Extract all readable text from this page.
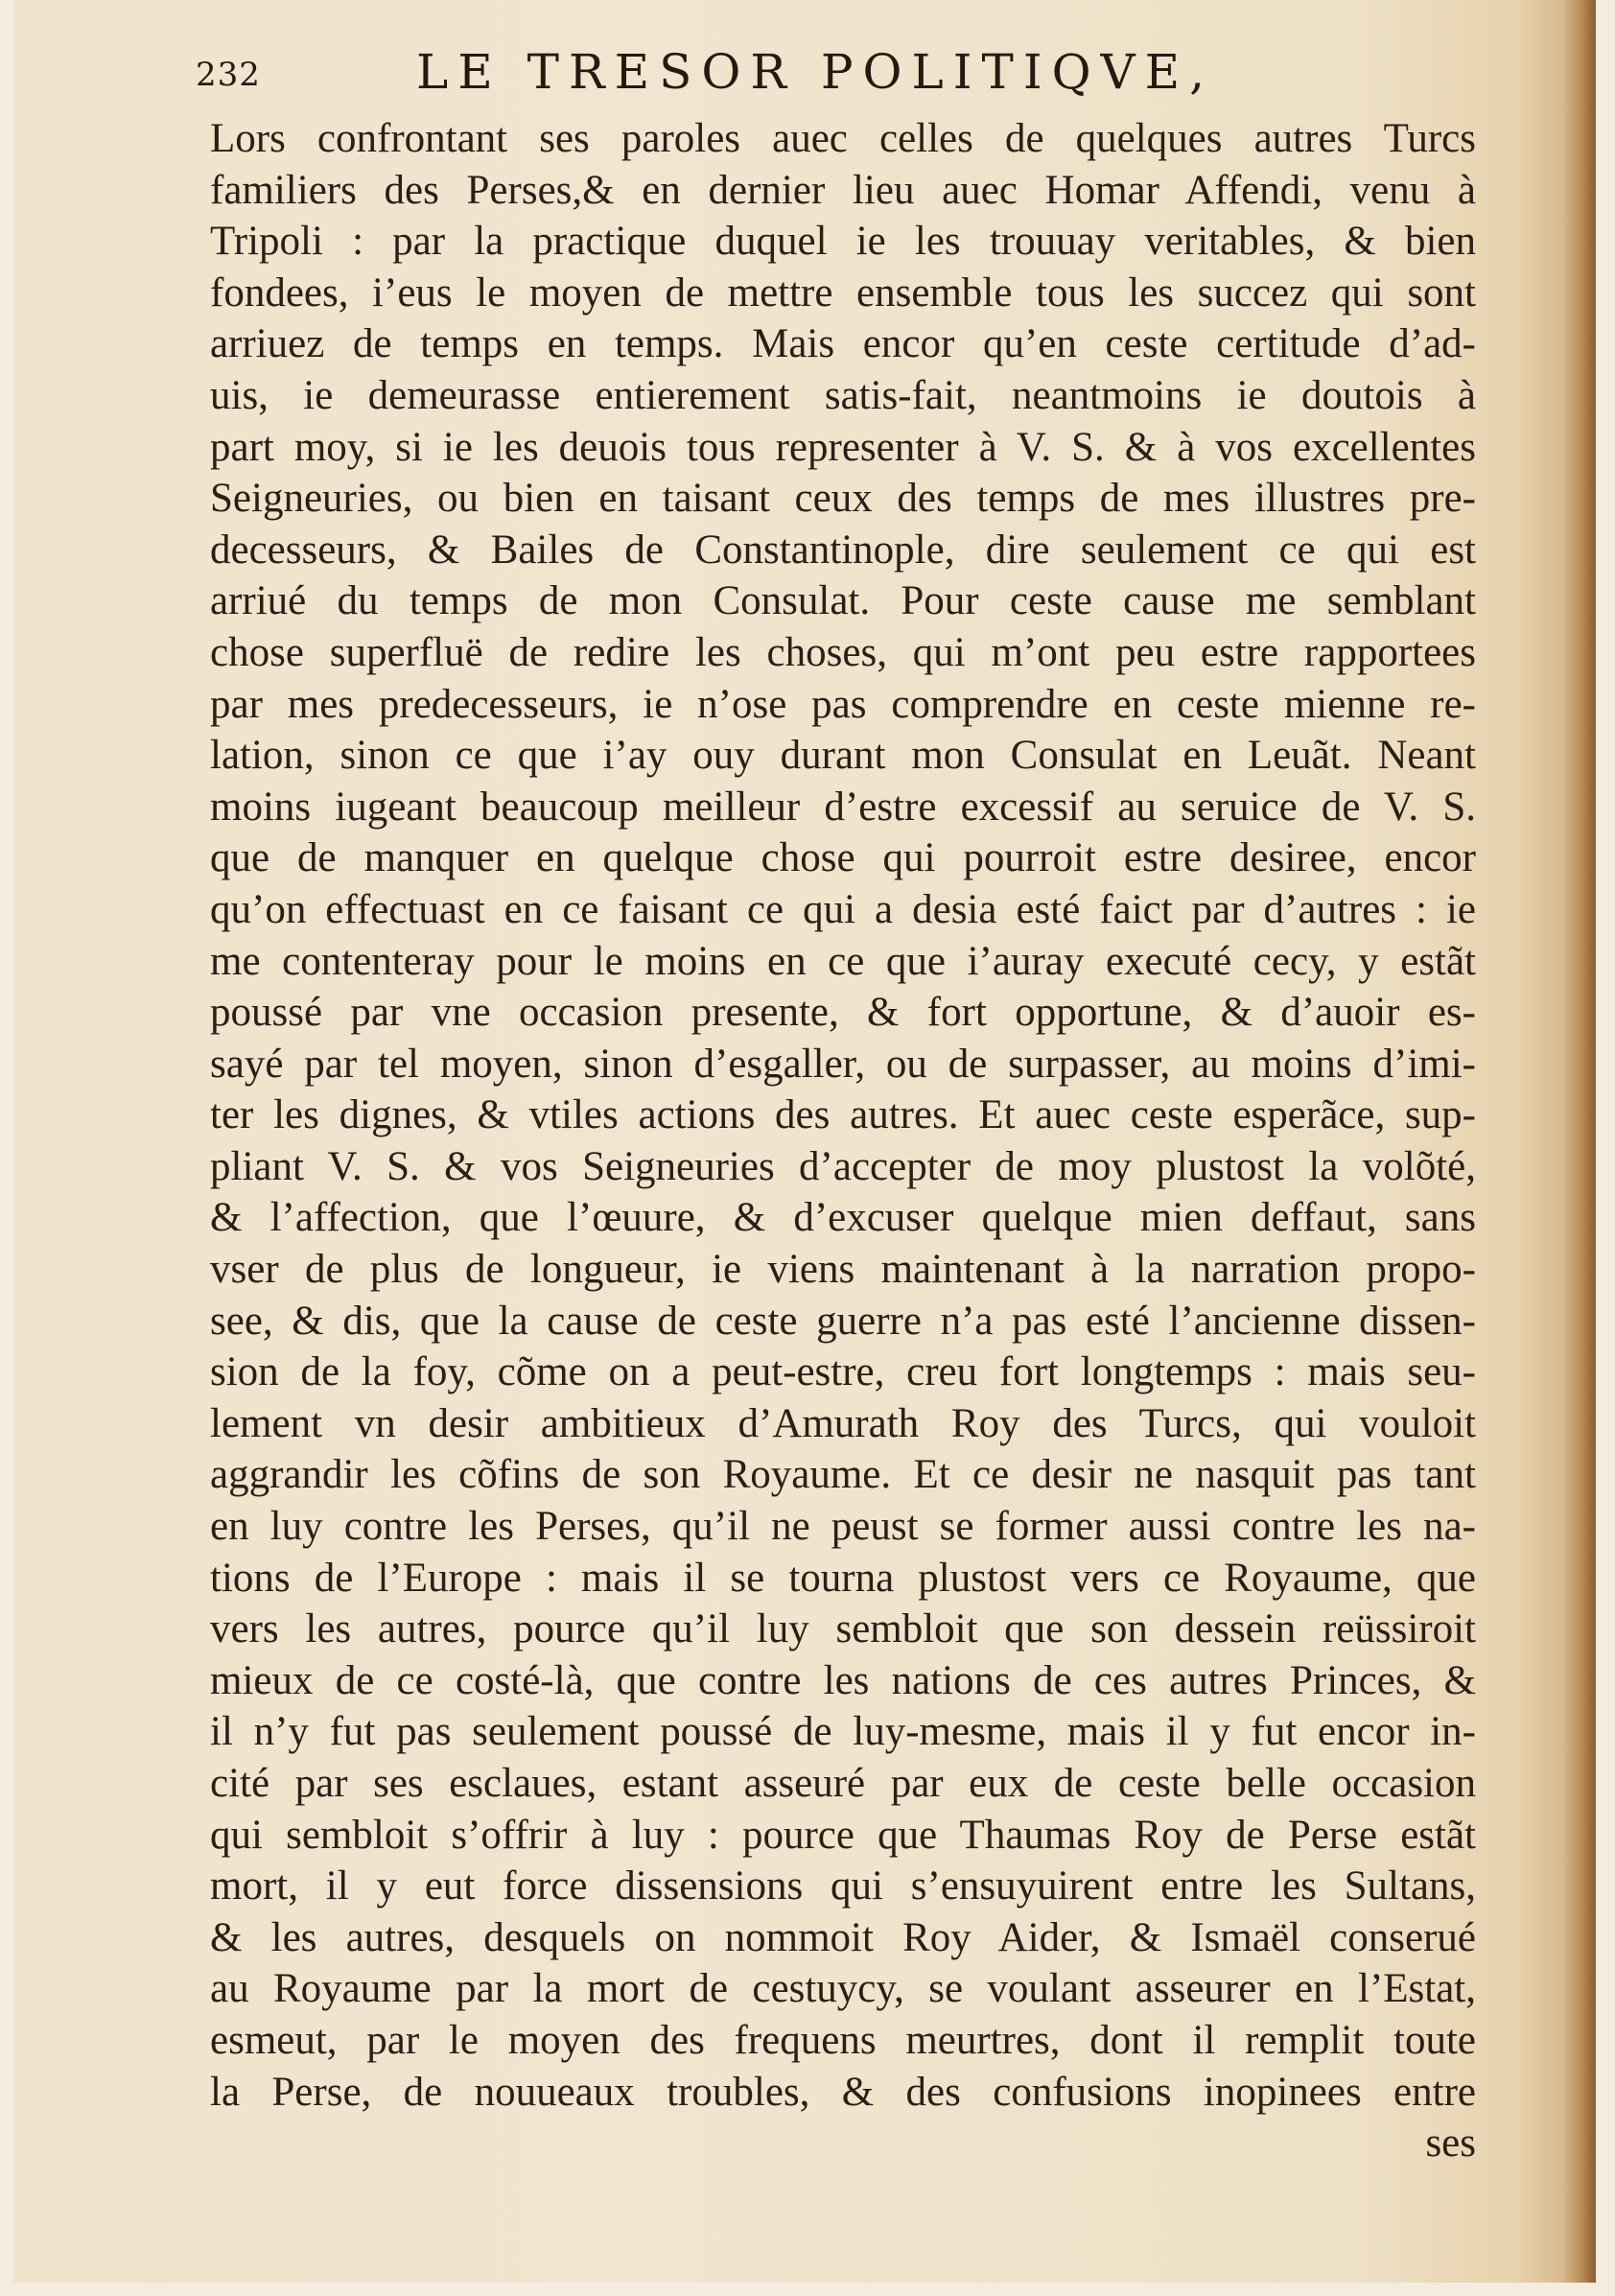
232	LE TRESOR POLITIQVE,
Lors confrontant ses paroles auec celles de quelques autres Turcs
familiers des Perses,& en dernier lieu auec Homar Affendi, venu à
Tripoli : par la practique duquel ie les trouuay veritables, & bien
fondees, i’eus le moyen de mettre ensemble tous les succez qui sont
arriuez de temps en temps. Mais encor qu’en ceste certitude d’ad-
uis, ie demeurasse entierement satis-fait, neantmoins ie doutois à
part moy, si ie les deuois tous representer à V. S. & à vos excellentes
Seigneuries, ou bien en taisant ceux des temps de mes illustres pre-
decesseurs, & Bailes de Constantinople, dire seulement ce qui est
arriué du temps de mon Consulat. Pour ceste cause me semblant
chose superfluë de redire les choses, qui m’ont peu estre rapportees
par mes predecesseurs, ie n’ose pas comprendre en ceste mienne re-
lation, sinon ce que i’ay ouy durant mon Consulat en Leuãt. Neant
moins iugeant beaucoup meilleur d’estre excessif au seruice de V. S.
que de manquer en quelque chose qui pourroit estre desiree, encor
qu’on effectuast en ce faisant ce qui a desia esté faict par d’autres : ie
me contenteray pour le moins en ce que i’auray executé cecy, y estãt
poussé par vne occasion presente, & fort opportune, & d’auoir es-
sayé par tel moyen, sinon d’esgaller, ou de surpasser, au moins d’imi-
ter les dignes, & vtiles actions des autres. Et auec ceste esperãce, sup-
pliant V. S. & vos Seigneuries d’accepter de moy plustost la volõté,
& l’affection, que l’œuure, & d’excuser quelque mien deffaut, sans
vser de plus de longueur, ie viens maintenant à la narration propo-
see, & dis, que la cause de ceste guerre n’a pas esté l’ancienne dissen-
sion de la foy, cõme on a peut-estre, creu fort longtemps : mais seu-
lement vn desir ambitieux d’Amurath Roy des Turcs, qui vouloit
aggrandir les cõfins de son Royaume. Et ce desir ne nasquit pas tant
en luy contre les Perses, qu’il ne peust se former aussi contre les na-
tions de l’Europe : mais il se tourna plustost vers ce Royaume, que
vers les autres, pource qu’il luy sembloit que son dessein reüssiroit
mieux de ce costé-là, que contre les nations de ces autres Princes, &
il n’y fut pas seulement poussé de luy-mesme, mais il y fut encor in-
cité par ses esclaues, estant asseuré par eux de ceste belle occasion
qui sembloit s’offrir à luy : pource que Thaumas Roy de Perse estãt
mort, il y eut force dissensions qui s’ensuyuirent entre les Sultans,
& les autres, desquels on nommoit Roy Aider, & Ismaël conserué
au Royaume par la mort de cestuycy, se voulant asseurer en l’Estat,
esmeut, par le moyen des frequens meurtres, dont il remplit toute
la Perse, de nouueaux troubles, & des confusions inopinees entre
ses
